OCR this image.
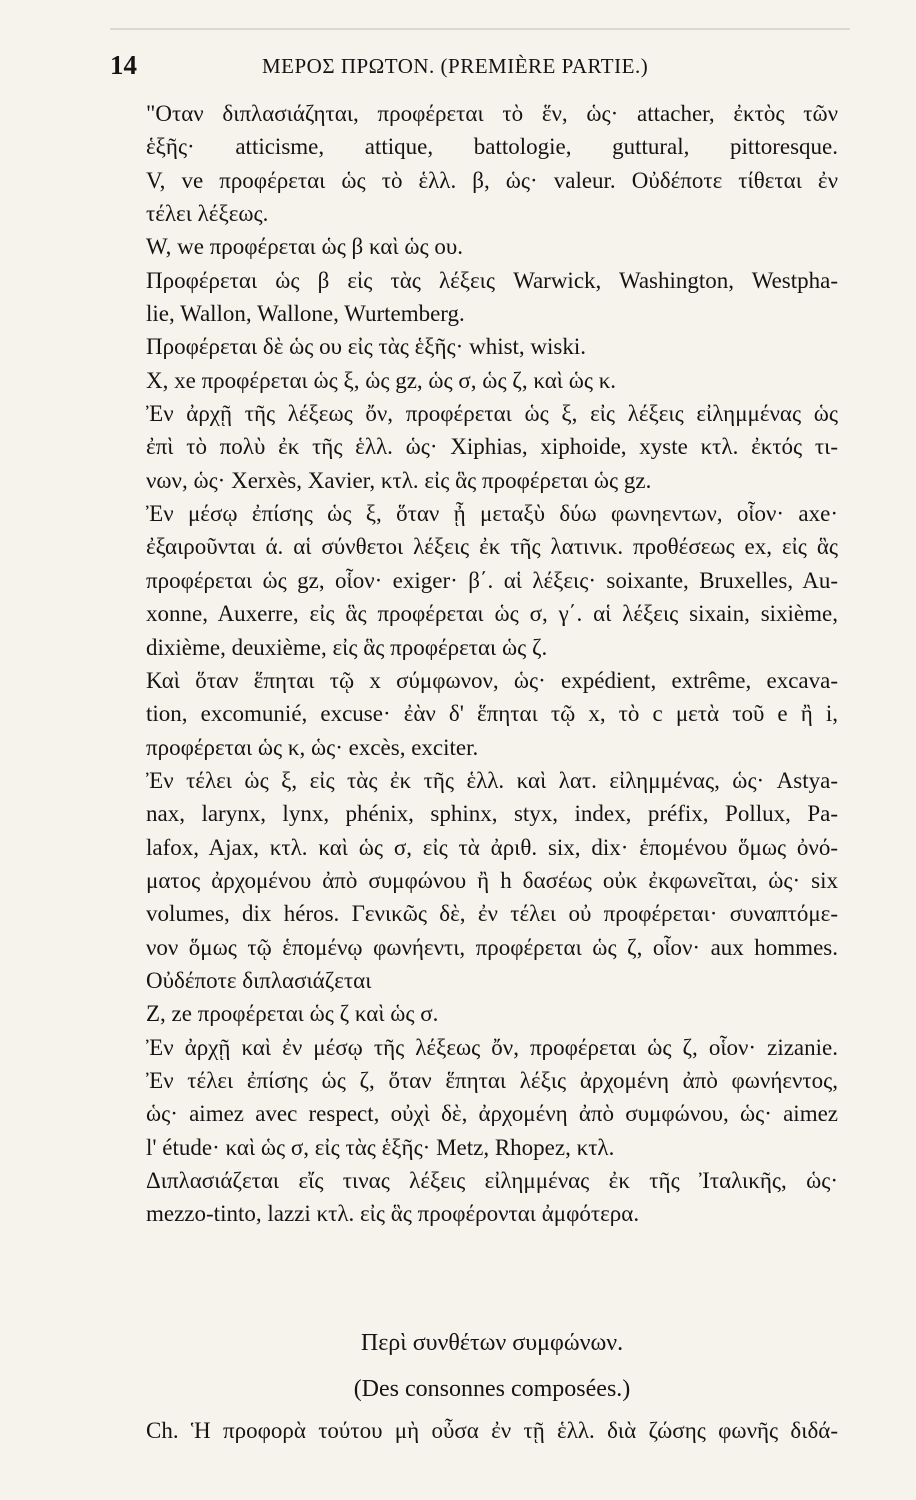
14	ΜΕΡΟΣ ΠΡΩΤΟΝ. (PREMIÈRE PARTIE.)
"Οταν διπλασιάζηται, προφέρεται τὸ ἕν, ὡς· attacher, ἐκτὸς τῶν
ἑξῆς· atticisme, attique, battologie, guttural, pittoresque.
V, ve προφέρεται ὡς τὸ ἑλλ. β, ὡς· valeur. Οὐδέποτε τίθεται ἐν
τέλει λέξεως.
W, we προφέρεται ὡς β καὶ ὡς ου.
Προφέρεται ὡς β εἰς τὰς λέξεις Warwick, Washington, Westpha-
lie, Wallon, Wallone, Wurtemberg.
Προφέρεται δὲ ὡς ου εἰς τὰς ἑξῆς· whist, wiski.
X, xe προφέρεται ὡς ξ, ὡς gz, ὡς σ, ὡς ζ, καὶ ὡς κ.
Ἐν ἀρχῇ τῆς λέξεως ὄν, προφέρεται ὡς ξ, εἰς λέξεις εἰλημμένας ὡς
ἐπὶ τὸ πολὺ ἐκ τῆς ἑλλ. ὡς· Xiphias, xiphoide, xyste κτλ. ἐκτός τι-
νων, ὡς· Xerxès, Xavier, κτλ. εἰς ἃς προφέρεται ὡς gz.
Ἐν μέσῳ ἐπίσης ὡς ξ, ὅταν ᾖ μεταξὺ δύω φωνηεντων, οἷον· axe·
ἐξαιροῦνται ά. αἱ σύνθετοι λέξεις ἐκ τῆς λατινικ. προθέσεως ex, εἰς ἃς
προφέρεται ὡς gz, οἷον· exiger· β΄. αἱ λέξεις· soixante, Bruxelles, Au-
xonne, Auxerre, εἰς ἃς προφέρεται ὡς σ, γ΄. αἱ λέξεις sixain, sixième,
dixième, deuxième, εἰς ἃς προφέρεται ὡς ζ.
Καὶ ὅταν ἕπηται τῷ x σύμφωνον, ὡς· expédient, extrême, excava-
tion, excomunié, excuse· ἐὰν δ' ἕπηται τῷ x, τὸ c μετὰ τοῦ e ἢ i,
προφέρεται ὡς κ, ὡς· excès, exciter.
Ἐν τέλει ὡς ξ, εἰς τὰς ἐκ τῆς ἑλλ. καὶ λατ. εἰλημμένας, ὡς· Astya-
nax, larynx, lynx, phénix, sphinx, styx, index, préfix, Pollux, Pa-
lafox, Ajax, κτλ. καὶ ὡς σ, εἰς τὰ ἀριθ. six, dix· ἑπομένου ὅμως ὀνό-
ματος ἀρχομένου ἀπὸ συμφώνου ἢ h δασέως οὐκ ἐκφωνεῖται, ὡς· six
volumes, dix héros. Γενικῶς δὲ, ἐν τέλει οὐ προφέρεται· συναπτόμε-
νον ὅμως τῷ ἑπομένῳ φωνήεντι, προφέρεται ὡς ζ, οἷον· aux hommes.
Οὐδέποτε διπλασιάζεται
Z, ze προφέρεται ὡς ζ καὶ ὡς σ.
Ἐν ἀρχῇ καὶ ἐν μέσῳ τῆς λέξεως ὄν, προφέρεται ὡς ζ, οἷον· zizanie.
Ἐν τέλει ἐπίσης ὡς ζ, ὅταν ἕπηται λέξις ἀρχομένη ἀπὸ φωνήεντος,
ὡς· aimez avec respect, οὐχὶ δὲ, ἀρχομένη ἀπὸ συμφώνου, ὡς· aimez
l' étude· καὶ ὡς σ, εἰς τὰς ἑξῆς· Metz, Rhopez, κτλ.
Διπλασιάζεται εἴς τινας λέξεις εἰλημμένας ἐκ τῆς Ἰταλικῆς, ὡς·
mezzo-tinto, lazzi κτλ. εἰς ἃς προφέρονται ἀμφότερα.
Περὶ συνθέτων συμφώνων.
(Des consonnes composées.)
Ch. Ἡ προφορὰ τούτου μὴ οὖσα ἐν τῇ ἑλλ. διὰ ζώσης φωνῆς διδά-
